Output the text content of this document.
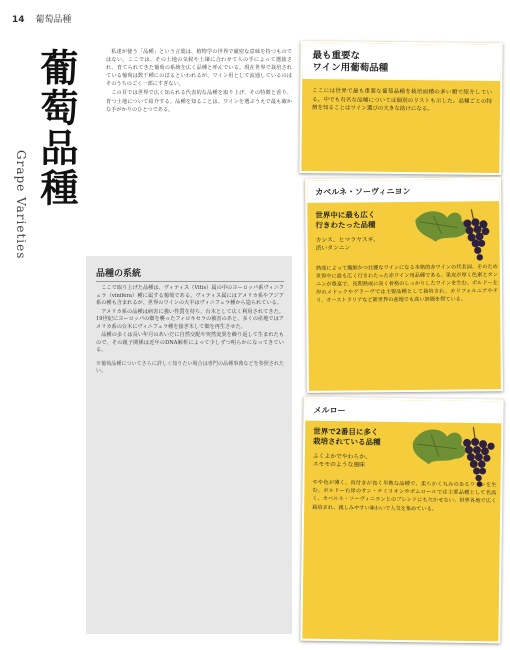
14 葡萄品種
葡萄品種
Grape Varieties

私達が使う「品種」という言葉は、植物学の世界で厳密な意味を持つものではない。ここでは、その土地の気候や土壌に合わせて人の手によって選抜され、育てられてきた葡萄の系統を広く品種と呼んでいる。現在世界で栽培されている葡萄は数千種にのぼるといわれるが、ワイン用として流通しているのはそのうちのごく一部にすぎない。

この頁では世界で広く知られる代表的な品種を取り上げ、その特徴と香り、育つ土地について紹介する。品種を知ることは、ワインを選ぶうえで最も確かな手がかりのひとつである。

品種の系統

ここで取り上げた品種は、ヴィティス（Vitis）属の中のヨーロッパ系ヴィニフェラ（vinifera）種に属する葡萄である。ヴィティス属にはアメリカ系やアジア系の種も含まれるが、世界のワインの大半はヴィニフェラ種から造られている。

アメリカ系の品種は病害に強い性質を持ち、台木として広く利用されてきた。19世紀にヨーロッパの畑を襲ったフィロキセラの被害のあと、多くの産地ではアメリカ系の台木にヴィニフェラ種を接ぎ木して畑を再生させた。

品種の多くは長い年月のあいだに自然交配や突然変異を繰り返して生まれたもので、その親子関係は近年のDNA解析によって少しずつ明らかになってきている。

※葡萄品種についてさらに詳しく知りたい場合は専門の品種事典などを参照されたい。

最も重要な
ワイン用葡萄品種
ここには世界で最も重要な葡萄品種を栽培面積の多い順で紹介している。中でも有名な品種については個別のリストも示した。品種ごとの特徴を知ることはワイン選びの大きな助けになる。
カベルネ・ソーヴィニヨン
世界中に最も広く
行きわたった品種
カシス、ヒマラヤスギ、
渋いタンニン
熟成によって繊細かつ壮麗なワインになる本格的赤ワインの代名詞。そのため世界中に最も広く行きわたった赤ワイン用品種である。果皮が厚く色素とタンニンが豊富で、長期熟成に向く骨格のしっかりしたワインを生む。ボルドー左岸のメドックやグラーヴでは主要品種として栽培され、カリフォルニアやチリ、オーストラリアなど新世界の産地でも高い評価を得ている。
メルロー
世界で2番目に多く
栽培されている品種
ふくよかでやわらか、
スモモのような風味
やや色が薄く、肉付きが良く早熟な品種で、柔らかく丸みのあるワインを生む。ボルドー右岸のサン・テミリオンやポムロールでは主要品種として名高く、カベルネ・ソーヴィニヨンとのブレンドにも欠かせない。世界各地で広く栽培され、親しみやすい味わいで人気を集めている。
